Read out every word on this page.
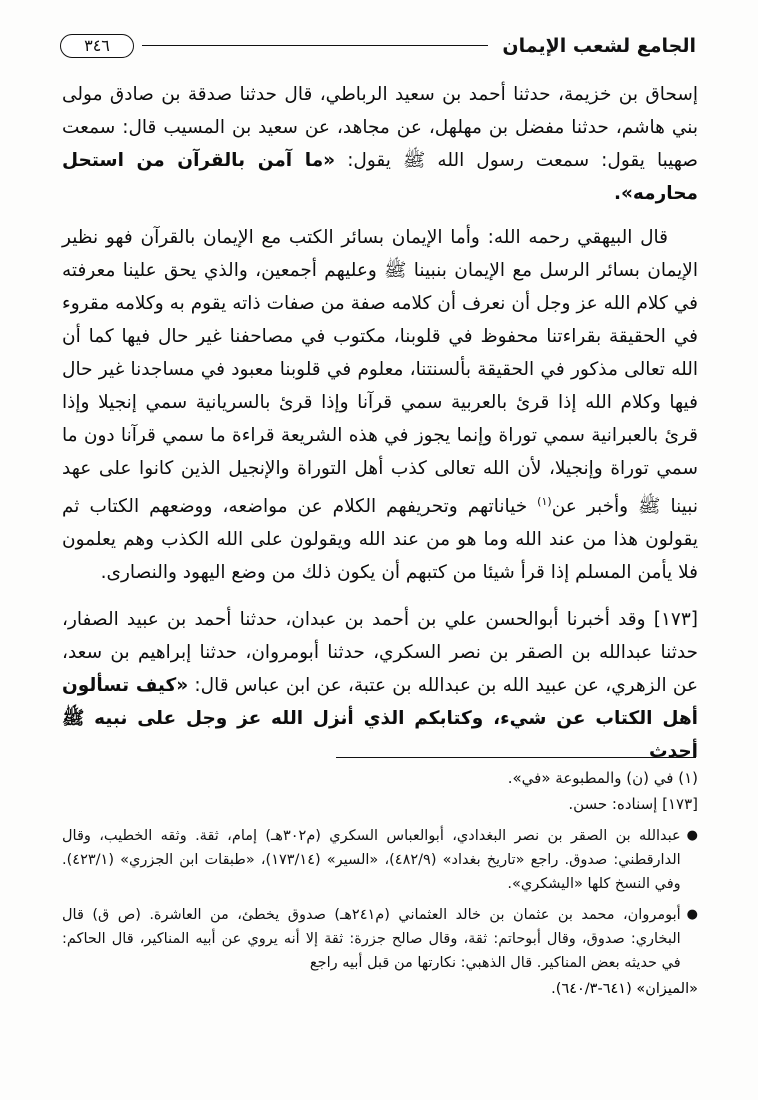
الجامع لشعب الإيمان
٣٤٦

إسحاق بن خزيمة، حدثنا أحمد بن سعيد الرباطي، قال حدثنا صدقة بن صادق مولى بني هاشم، حدثنا مفضل بن مهلهل، عن مجاهد، عن سعيد بن المسيب قال: سمعت صهيبا يقول: سمعت رسول الله ﷺ يقول: «ما آمن بالقرآن من استحل محارمه».

قال البيهقي رحمه الله: وأما الإيمان بسائر الكتب مع الإيمان بالقرآن فهو نظير الإيمان بسائر الرسل مع الإيمان بنبينا ﷺ وعليهم أجمعين، والذي يحق علينا معرفته في كلام الله عز وجل أن نعرف أن كلامه صفة من صفات ذاته يقوم به وكلامه مقروء في الحقيقة بقراءتنا محفوظ في قلوبنا، مكتوب في مصاحفنا غير حال فيها كما أن الله تعالى مذكور في الحقيقة بألسنتنا، معلوم في قلوبنا معبود في مساجدنا غير حال فيها وكلام الله إذا قرئ بالعربية سمي قرآنا وإذا قرئ بالسريانية سمي إنجيلا وإذا قرئ بالعبرانية سمي توراة وإنما يجوز في هذه الشريعة قراءة ما سمي قرآنا دون ما سمي توراة وإنجيلا، لأن الله تعالى كذب أهل التوراة والإنجيل الذين كانوا على عهد نبينا ﷺ وأخبر عن$^{(١)}$ خياناتهم وتحريفهم الكلام عن مواضعه، ووضعهم الكتاب ثم يقولون هذا من عند الله وما هو من عند الله ويقولون على الله الكذب وهم يعلمون فلا يأمن المسلم إذا قرأ شيئا من كتبهم أن يكون ذلك من وضع اليهود والنصارى.

[١٧٣] وقد أخبرنا أبوالحسن علي بن أحمد بن عبدان، حدثنا أحمد بن عبيد الصفار، حدثنا عبدالله بن الصقر بن نصر السكري، حدثنا أبومروان، حدثنا إبراهيم بن سعد، عن الزهري، عن عبيد الله بن عبدالله بن عتبة، عن ابن عباس قال: «كيف تسألون أهل الكتاب عن شيء، وكتابكم الذي أنزل الله عز وجل على نبيه ﷺ أحدث

(١) في (ن) والمطبوعة «في».

[١٧٣] إسناده: حسن.

●
عبدالله بن الصقر بن نصر البغدادي، أبوالعباس السكري (م٣٠٢هـ) إمام، ثقة. وثقه الخطيب، وقال الدارقطني: صدوق. راجع «تاريخ بغداد» (٤٨٢/٩)، «السير» (١٧٣/١٤)، «طبقات ابن الجزري» (٤٢٣/١). وفي النسخ كلها «اليشكري».
●
أبومروان، محمد بن عثمان بن خالد العثماني (م٢٤١هـ) صدوق يخطئ، من العاشرة. (ص ق) قال البخاري: صدوق، وقال أبوحاتم: ثقة، وقال صالح جزرة: ثقة إلا أنه يروي عن أبيه المناكير، قال الحاكم: في حديثه بعض المناكير. قال الذهبي: نكارتها من قبل أبيه راجع

«الميزان» (٦٤١-٦٤٠/٣).
